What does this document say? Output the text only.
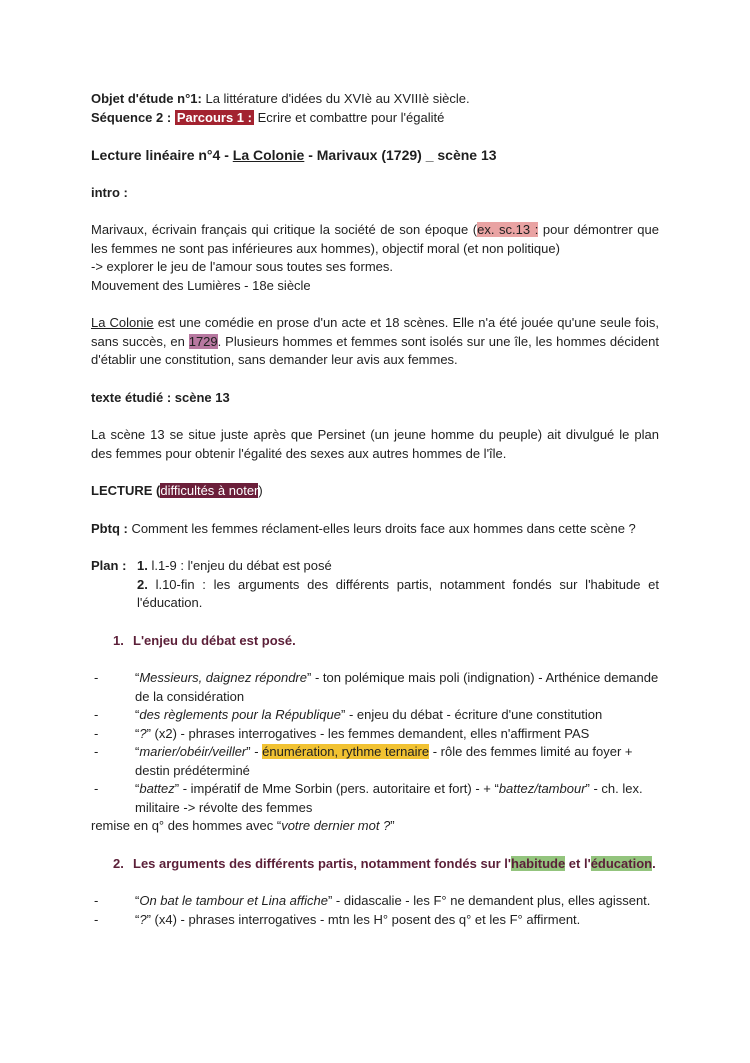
Objet d'étude n°1: La littérature d'idées du XVIè au XVIIIè siècle.

Séquence 2 : Parcours 1 : Ecrire et combattre pour l'égalité

Lecture linéaire n°4 - La Colonie - Marivaux (1729) _ scène 13

intro :

Marivaux, écrivain français qui critique la société de son époque (ex. sc.13 : pour démontrer que les femmes ne sont pas inférieures aux hommes), objectif moral (et non politique)

-> explorer le jeu de l'amour sous toutes ses formes.

Mouvement des Lumières - 18e siècle

La Colonie est une comédie en prose d'un acte et 18 scènes. Elle n'a été jouée qu'une seule fois, sans succès, en 1729. Plusieurs hommes et femmes sont isolés sur une île, les hommes décident d'établir une constitution, sans demander leur avis aux femmes.

texte étudié : scène 13

La scène 13 se situe juste après que Persinet (un jeune homme du peuple) ait divulgué le plan des femmes pour obtenir l'égalité des sexes aux autres hommes de l'île.

LECTURE (difficultés à noter)

Pbtq : Comment les femmes réclament-elles leurs droits face aux hommes dans cette scène ?

Plan : 1. l.1-9 : l'enjeu du débat est posé

2. l.10-fin : les arguments des différents partis, notamment fondés sur l'habitude et l'éducation.

1. L'enjeu du débat est posé.
-	“Messieurs, daignez répondre” - ton polémique mais poli (indignation) - Arthénice demande de la considération
-	“des règlements pour la République” - enjeu du débat - écriture d'une constitution
-	“?” (x2) - phrases interrogatives - les femmes demandent, elles n'affirment PAS
-	“marier/obéir/veiller” - énumération, rythme ternaire - rôle des femmes limité au foyer + destin prédéterminé
-	“battez” - impératif de Mme Sorbin (pers. autoritaire et fort) - + “battez/tambour” - ch. lex. militaire -> révolte des femmes

remise en q° des hommes avec “votre dernier mot ?”

2. Les arguments des différents partis, notamment fondés sur l'habitude et l'éducation.
-	“On bat le tambour et Lina affiche” - didascalie - les F° ne demandent plus, elles agissent.
-	“?” (x4) - phrases interrogatives - mtn les H° posent des q° et les F° affirment.
